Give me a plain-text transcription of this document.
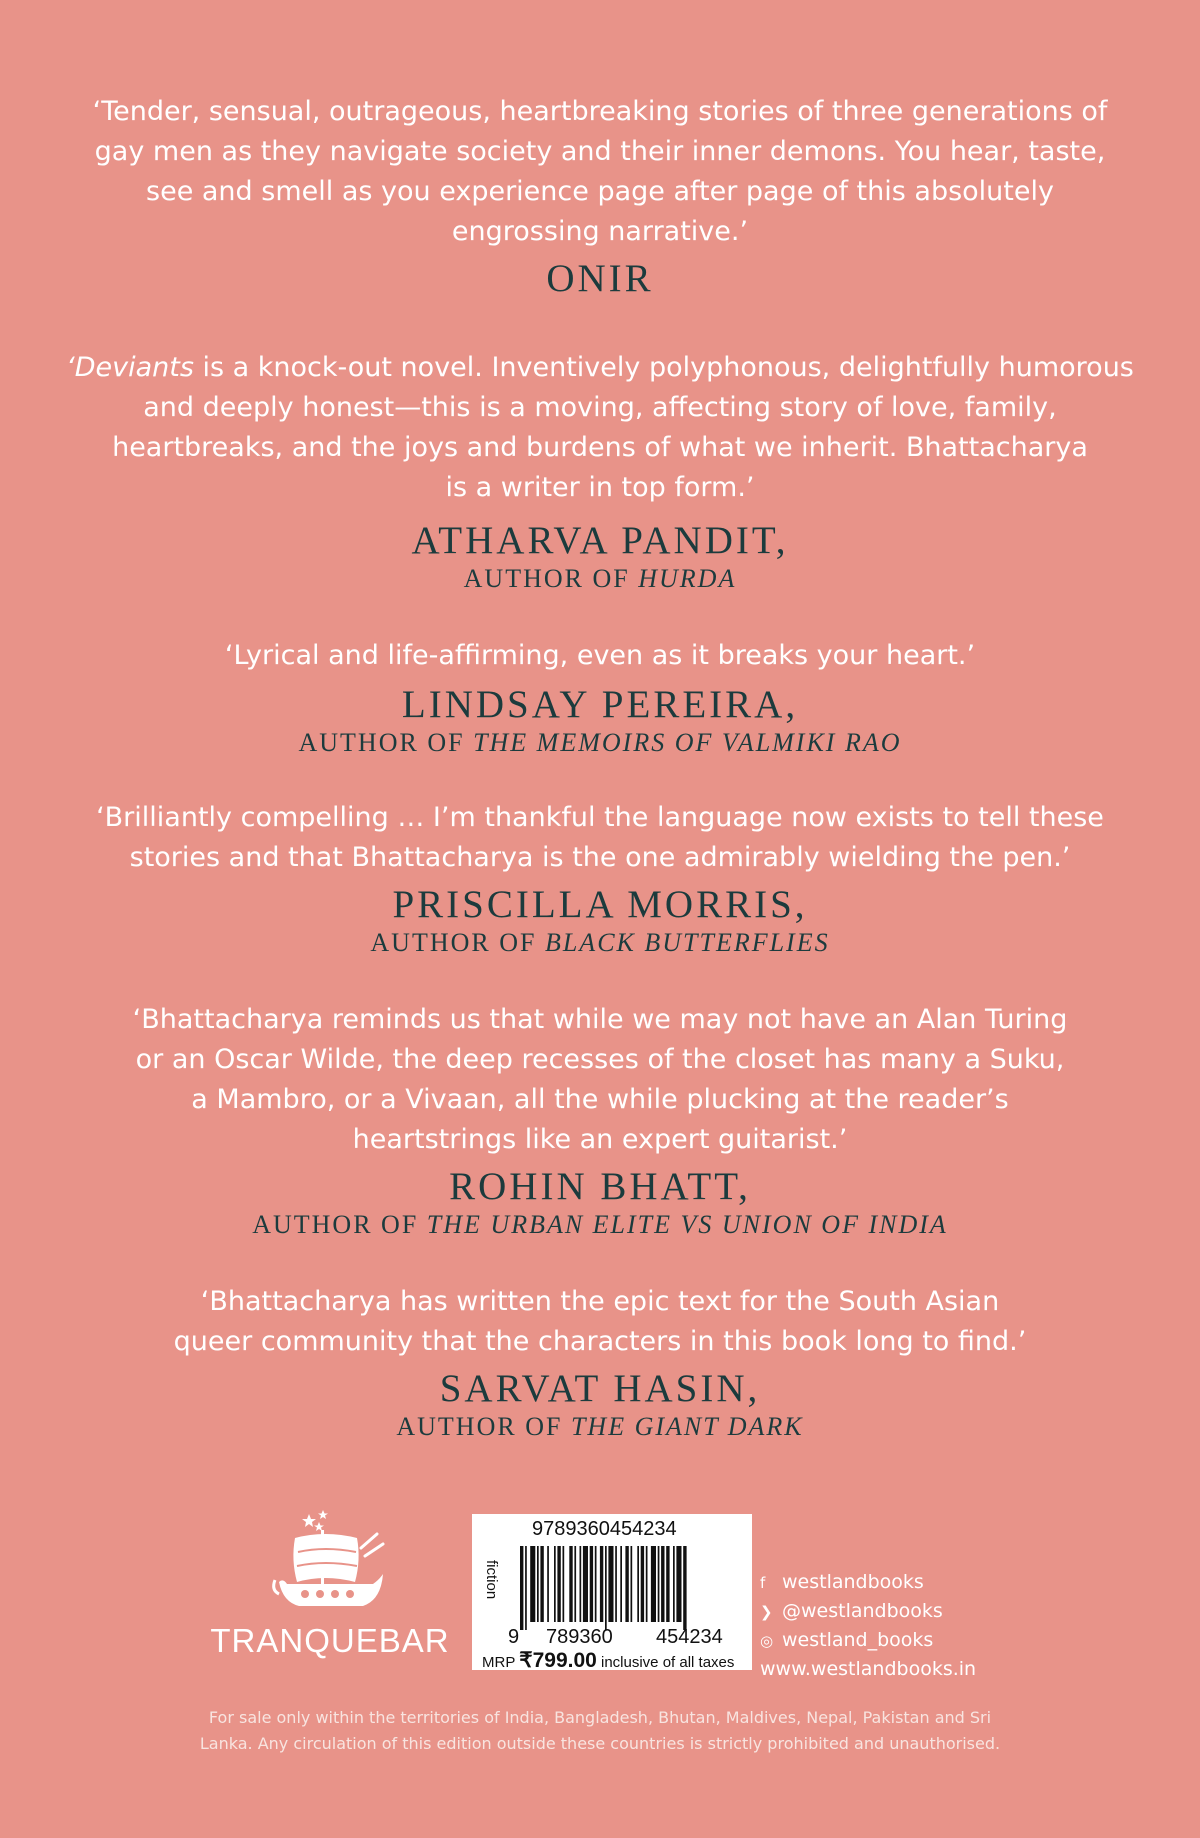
‘Tender, sensual, outrageous, heartbreaking stories of three generations of
gay men as they navigate society and their inner demons. You hear, taste,
see and smell as you experience page after page of this absolutely
engrossing narrative.’
ONIR
‘Deviants is a knock-out novel. Inventively polyphonous, delightfully humorous
and deeply honest—this is a moving, affecting story of love, family,
heartbreaks, and the joys and burdens of what we inherit. Bhattacharya
is a writer in top form.’
ATHARVA PANDIT,
AUTHOR OF HURDA
‘Lyrical and life-affirming, even as it breaks your heart.’
LINDSAY PEREIRA,
AUTHOR OF THE MEMOIRS OF VALMIKI RAO
‘Brilliantly compelling … I’m thankful the language now exists to tell these
stories and that Bhattacharya is the one admirably wielding the pen.’
PRISCILLA MORRIS,
AUTHOR OF BLACK BUTTERFLIES
‘Bhattacharya reminds us that while we may not have an Alan Turing
or an Oscar Wilde, the deep recesses of the closet has many a Suku,
a Mambro, or a Vivaan, all the while plucking at the reader’s
heartstrings like an expert guitarist.’
ROHIN BHATT,
AUTHOR OF THE URBAN ELITE VS UNION OF INDIA
‘Bhattacharya has written the epic text for the South Asian
queer community that the characters in this book long to find.’
SARVAT HASIN,
AUTHOR OF THE GIANT DARK
TRANQUEBAR
9789360454234
fiction
9 789360 454234
MRP ₹799.00 inclusive of all taxes
f westlandbooks
❯ @westlandbooks
◎ westland_books
www.westlandbooks.in
For sale only within the territories of India, Bangladesh, Bhutan, Maldives, Nepal, Pakistan and Sri
Lanka. Any circulation of this edition outside these countries is strictly prohibited and unauthorised.
